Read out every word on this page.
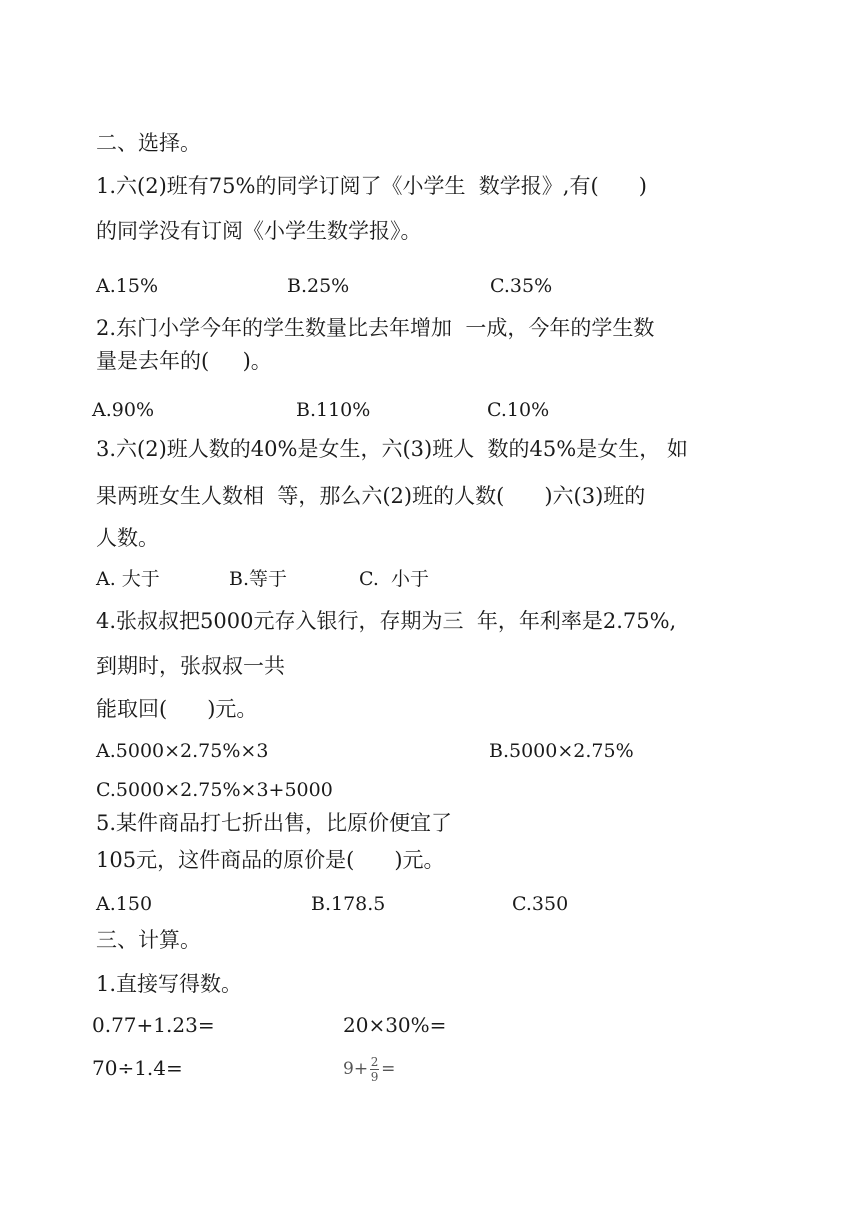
二、选择。
1.六(2)班有75%的同学订阅了《小学生  数学报》,有(      )
的同学没有订阅《小学生数学报》。
A.15%	B.25%	C.35%
2.东门小学今年的学生数量比去年增加  一成，今年的学生数
量是去年的(     )。
A.90%	B.110%	C.10%
3.六(2)班人数的40%是女生，六(3)班人  数的45%是女生， 如
果两班女生人数相  等，那么六(2)班的人数(      )六(3)班的
人数。
A. 大于	B.等于	C.  小于
4.张叔叔把5000元存入银行，存期为三  年，年利率是2.75%,
到期时，张叔叔一共
能取回(      )元。
A.5000×2.75%×3	B.5000×2.75%
C.5000×2.75%×3+5000
5.某件商品打七折出售，比原价便宜了
105元，这件商品的原价是(      )元。
A.150	B.178.5	C.350
三、计算。
1.直接写得数。
0.77+1.23=	20×30%=
70÷1.4=	$9+ \frac{2}{9}$ =
